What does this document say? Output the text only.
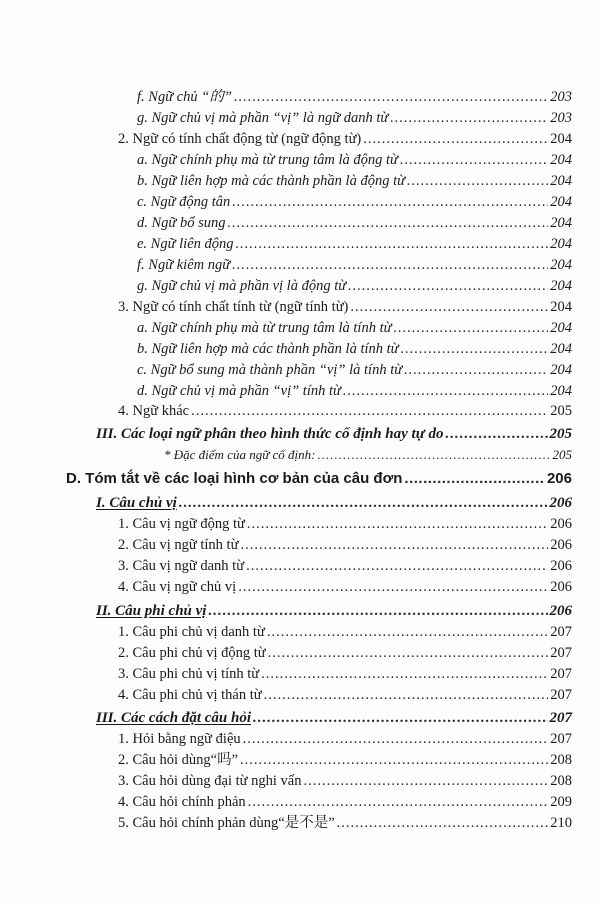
f. Ngữ chủ “的” .....	203
g. Ngữ chủ vị mà phần “vị” là ngữ danh từ .....	203
2. Ngữ có tính chất động từ (ngữ động từ) .....	204
a. Ngữ chính phụ mà từ trung tâm là động từ .....	204
b. Ngữ liên hợp mà các thành phần là động từ .....	204
c. Ngữ động tân .....	204
d. Ngữ bổ sung .....	204
e. Ngữ liên động .....	204
f. Ngữ kiêm ngữ .....	204
g. Ngữ chủ vị mà phần vị là động từ .....	204
3. Ngữ có tính chất tính từ (ngữ tính từ) .....	204
a. Ngữ chính phụ mà từ trung tâm là tính từ .....	204
b. Ngữ liên hợp mà các thành phần là tính từ .....	204
c. Ngữ bổ sung mà thành phần “vị” là tính từ .....	204
d. Ngữ chủ vị mà phần “vị” tính từ .....	204
4. Ngữ khác .....	205
III. Các loại ngữ phân theo hình thức cố định hay tự do .....	205
* Đặc điểm của ngữ cố định: .....	205
D. Tóm tắt về các loại hình cơ bản của câu đơn .....	206
I. Câu chủ vị .....	206
1. Câu vị ngữ động từ .....	206
2. Câu vị ngữ tính từ .....	206
3. Câu vị ngữ danh từ .....	206
4. Câu vị ngữ chủ vị .....	206
II. Câu phi chủ vị .....	206
1. Câu phi chủ vị danh từ .....	207
2. Câu phi chủ vị động từ .....	207
3. Câu phi chủ vị tính từ .....	207
4. Câu phi chủ vị thán từ .....	207
III. Các cách đặt câu hỏi .....	207
1. Hỏi bằng ngữ điệu .....	207
2. Câu hỏi dùng“吗” .....	208
3. Câu hỏi dùng đại từ nghi vấn .....	208
4. Câu hỏi chính phản .....	209
5. Câu hỏi chính phản dùng“是不是” .....	210
